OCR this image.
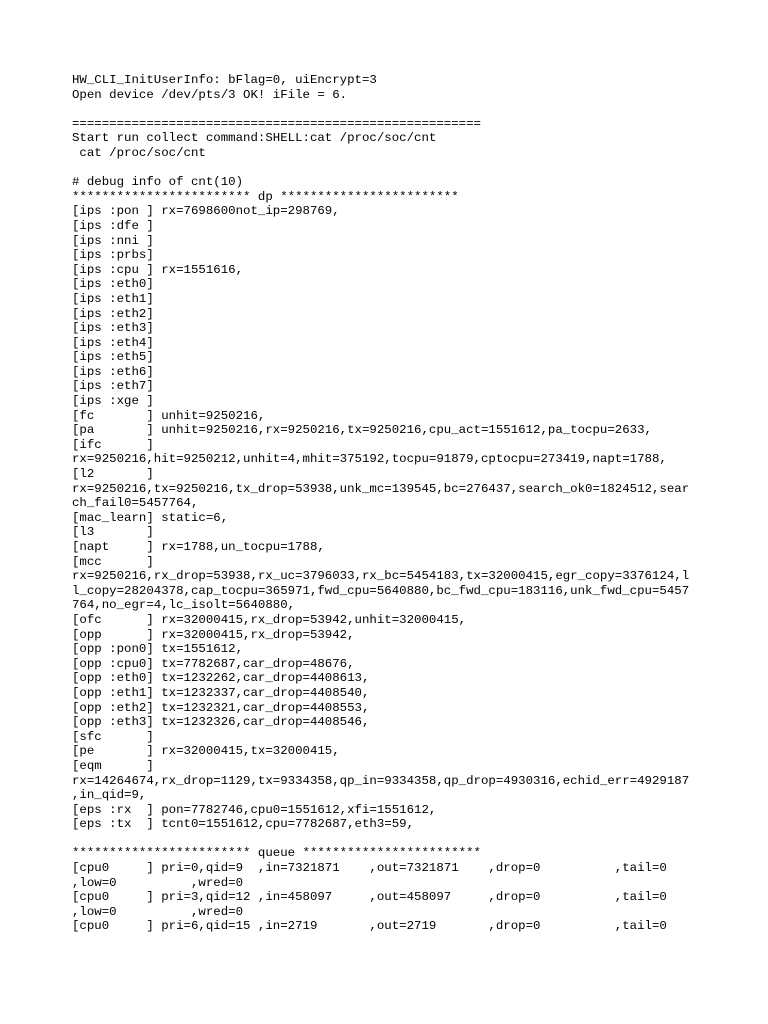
HW_CLI_InitUserInfo: bFlag=0, uiEncrypt=3
Open device /dev/pts/3 OK! iFile = 6.
=======================================================
Start run collect command:SHELL:cat /proc/soc/cnt
cat /proc/soc/cnt
# debug info of cnt(10)
************************ dp ************************
[ips :pon ] rx=7698600not_ip=298769,
[ips :dfe ]
[ips :nni ]
[ips :prbs]
[ips :cpu ] rx=1551616,
[ips :eth0]
[ips :eth1]
[ips :eth2]
[ips :eth3]
[ips :eth4]
[ips :eth5]
[ips :eth6]
[ips :eth7]
[ips :xge ]
[fc       ] unhit=9250216,
[pa       ] unhit=9250216,rx=9250216,tx=9250216,cpu_act=1551612,pa_tocpu=2633,
[ifc      ]
rx=9250216,hit=9250212,unhit=4,mhit=375192,tocpu=91879,cptocpu=273419,napt=1788,
[l2       ]
rx=9250216,tx=9250216,tx_drop=53938,unk_mc=139545,bc=276437,search_ok0=1824512,sear
ch_fail0=5457764,
[mac_learn] static=6,
[l3       ]
[napt     ] rx=1788,un_tocpu=1788,
[mcc      ]
rx=9250216,rx_drop=53938,rx_uc=3796033,rx_bc=5454183,tx=32000415,egr_copy=3376124,l
l_copy=28204378,cap_tocpu=365971,fwd_cpu=5640880,bc_fwd_cpu=183116,unk_fwd_cpu=5457
764,no_egr=4,lc_isolt=5640880,
[ofc      ] rx=32000415,rx_drop=53942,unhit=32000415,
[opp      ] rx=32000415,rx_drop=53942,
[opp :pon0] tx=1551612,
[opp :cpu0] tx=7782687,car_drop=48676,
[opp :eth0] tx=1232262,car_drop=4408613,
[opp :eth1] tx=1232337,car_drop=4408540,
[opp :eth2] tx=1232321,car_drop=4408553,
[opp :eth3] tx=1232326,car_drop=4408546,
[sfc      ]
[pe       ] rx=32000415,tx=32000415,
[eqm      ]
rx=14264674,rx_drop=1129,tx=9334358,qp_in=9334358,qp_drop=4930316,echid_err=4929187
,in_qid=9,
[eps :rx  ] pon=7782746,cpu0=1551612,xfi=1551612,
[eps :tx  ] tcnt0=1551612,cpu=7782687,eth3=59,
************************ queue ************************
[cpu0     ] pri=0,qid=9  ,in=7321871    ,out=7321871    ,drop=0          ,tail=0
,low=0          ,wred=0
[cpu0     ] pri=3,qid=12 ,in=458097     ,out=458097     ,drop=0          ,tail=0
,low=0          ,wred=0
[cpu0     ] pri=6,qid=15 ,in=2719       ,out=2719       ,drop=0          ,tail=0
